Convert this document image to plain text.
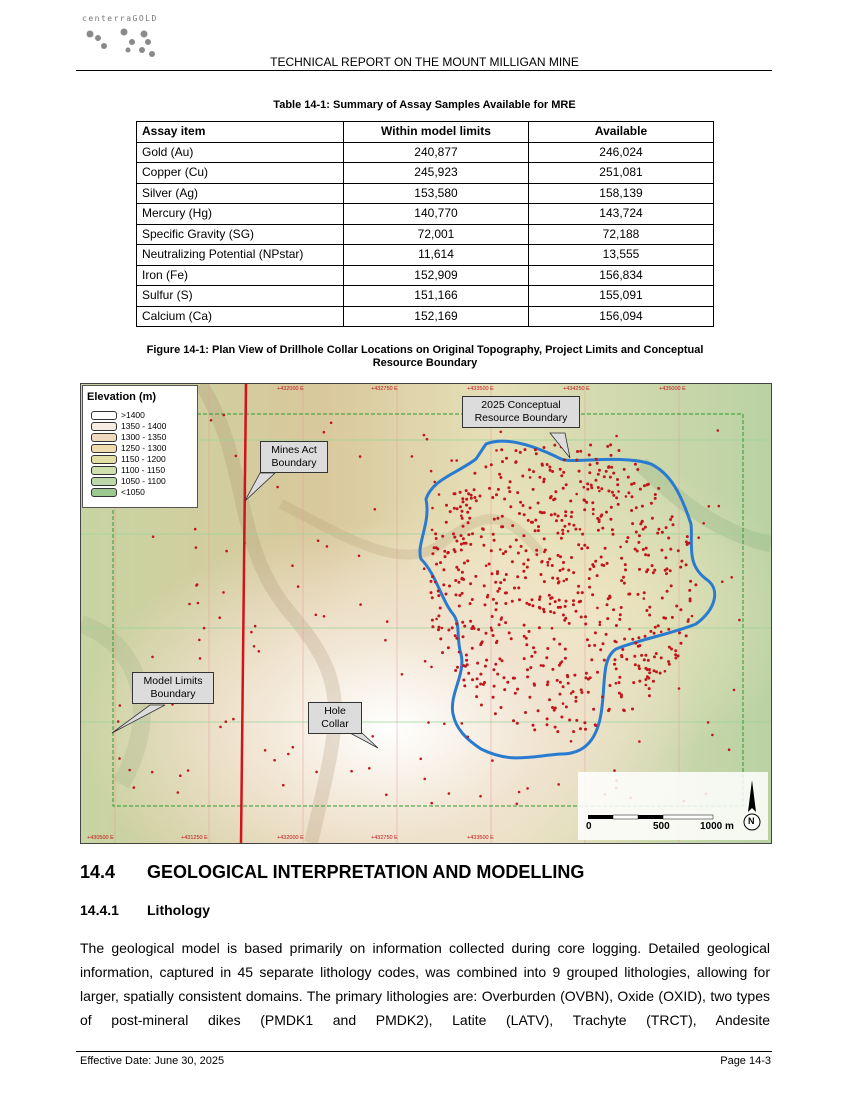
centerraGOLD
TECHNICAL REPORT ON THE MOUNT MILLIGAN MINE
Table 14-1: Summary of Assay Samples Available for MRE
Assay item	Within model limits	Available
Gold (Au)	240,877	246,024
Copper (Cu)	245,923	251,081
Silver (Ag)	153,580	158,139
Mercury (Hg)	140,770	143,724
Specific Gravity (SG)	72,001	72,188
Neutralizing Potential (NPstar)	11,614	13,555
Iron (Fe)	152,909	156,834
Sulfur (S)	151,166	155,091
Calcium (Ca)	152,169	156,094
Figure 14-1: Plan View of Drillhole Collar Locations on Original Topography, Project Limits and Conceptual
Resource Boundary
+432000 E	+432750 E	+433500 E	+434250 E	+435000 E
+430500 E	+431250 E	+432000 E	+432750 E	+433500 E
Elevation (m)
>1400
1350 - 1400
1300 - 1350
1250 - 1300
1150 - 1200
1100 - 1150
1050 - 1100
<1050
Mines Act Boundary
2025 Conceptual Resource Boundary
Model Limits Boundary
Hole Collar
0	500	1000 m N
14.4 GEOLOGICAL INTERPRETATION AND MODELLING
14.4.1 Lithology
The geological model is based primarily on information collected during core logging. Detailed geological information, captured in 45 separate lithology codes, was combined into 9 grouped lithologies, allowing for larger, spatially consistent domains. The primary lithologies are: Overburden (OVBN), Oxide (OXID), two types of post-mineral dikes (PMDK1 and PMDK2), Latite (LATV), Trachyte (TRCT), Andesite
Effective Date: June 30, 2025	Page 14-3
